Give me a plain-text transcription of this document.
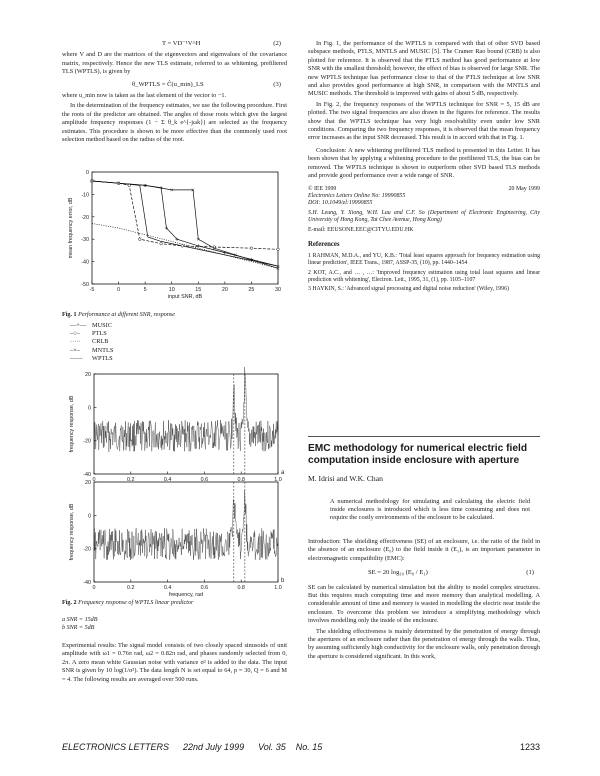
T = VD⁻¹V^H	(2)

where V and D are the matrices of the eigenvectors and eigenvalues of the covariance matrix, respectively. Hence the new TLS estimate, referred to as whitening, prefiltered TLS (WPTLS), is given by

θ_WPTLS = Ĉ(u_min)_LS	(3)

where u_min now is taken as the last element of the vector to −1.

In the determination of the frequency estimates, we use the following procedure. First the roots of the predictor are obtained. The angles of those roots which give the largest amplitude frequency responses (1 − Σ θ_k e^{-jωk}) are selected as the frequency estimates. This procedure is shown to be more effective than the commonly used root selection method based on the radius of the root.

-5	0	5	10	15	20	25	30
0
-10
-20
-30
-40
-50
input SNR, dB
mean frequency error, dB
Fig. 1 Performance at different SNR, response
—+— MUSIC
–○– PTLS
····· CRLB
–×– MNTLS
—— WPTLS
0	0.2	0.4	0.6	0.8	1.0
20
0
-20
-40
frequency response, dB
a
0	0.2	0.4	0.6	0.8	1.0
20
0
-20
-40
frequency response, dB
b
frequency, rad
Fig. 2 Frequency response of WPTLS linear predictor
a SNR = 15dB
b SNR = 5dB

Experimental results: The signal model consists of two closely spaced sinusoids of unit amplitude with ω1 = 0.76π rad, ω2 = 0.82π rad, and phases randomly selected from 0, 2π. A zero mean white Gaussian noise with variance σ² is added to the data. The input SNR is given by 10 log(1/σ²). The data length N is set equal to 64, p = 30, Q = 6 and M = 4. The following results are averaged over 500 runs.

In Fig. 1, the performance of the WPTLS is compared with that of other SVD based subspace methods, PTLS, MNTLS and MUSIC [5]. The Cramer Rao bound (CRB) is also plotted for reference. It is observed that the PTLS method has good performance at low SNR with the smallest threshold; however, the effect of bias is observed for large SNR. The new WPTLS technique has performance close to that of the PTLS technique at low SNR and also provides good performance at high SNR, in comparison with the MNTLS and MUSIC methods. The threshold is improved with gains of about 5 dB, respectively.

In Fig. 2, the frequency responses of the WPTLS technique for SNR = 5, 15 dB are plotted. The two signal frequencies are also drawn in the figures for reference. The results show that the WPTLS technique has very high resolvability even under low SNR conditions. Comparing the two frequency responses, it is observed that the mean frequency error increases as the input SNR decreased. This result is in accord with that in Fig. 1.

Conclusion: A new whitening prefiltered TLS method is presented in this Letter. It has been shown that by applying a whitening procedure to the prefiltered TLS, the bias can be removed. The WPTLS technique is shown to outperform other SVD based TLS methods and provide good performance over a wide range of SNR.

© IEE 1999	20 May 1999
Electronics Letters Online No: 19990855
DOI: 10.1049/el:19990855
S.H. Leung, Y. Xiong, W.H. Lau and C.F. So (Department of Electronic Engineering, City University of Hong Kong, Tat Chee Avenue, Hong Kong)
E-mail: EEUSONE.EEC@CITYU.EDU.HK
References
1 RAHMAN, M.D.A., and YU, K.B.: 'Total least squares approach for frequency estimation using linear prediction', IEEE Trans., 1987, ASSP-35, (10), pp. 1440–1454
2 KOT, A.C., and … , …: 'Improved frequency estimation using total least squares and linear prediction with whitening', Electron. Lett., 1995, 31, (1), pp. 1105–1107
3 HAYKIN, S.: 'Advanced signal processing and digital noise reduction' (Wiley, 1996)
EMC methodology for numerical electric field computation inside enclosure with aperture
M. Idrisi and W.K. Chan
A numerical methodology for simulating and calculating the electric field inside enclosures is introduced which is less time consuming and does not require the costly environments of the enclosure to be calculated.

Introduction: The shielding effectiveness (SE) of an enclosure, i.e. the ratio of the field in the absence of an enclosure (E₀) to the field inside it (E₁), is an important parameter in electromagnetic compatibility (EMC):

SE = 20 log₁₀ (E₀ / E₁)	(1)

SE can be calculated by numerical simulation but the ability to model complex structures. But this requires much computing time and more memory than analytical modelling. A considerable amount of time and memory is wasted in modelling the electric near inside the enclosure. To overcome this problem we introduce a simplifying methodology which involves modelling only the inside of the enclosure.

The shielding effectiveness is mainly determined by the penetration of energy through the apertures of an enclosure rather than the penetration of energy through the walls. Thus, by assuming sufficiently high conductivity for the enclosure walls, only penetration through the aperture is considered significant. In this work,

ELECTRONICS LETTERS 22nd July 1999 Vol. 35 No. 15	1233
